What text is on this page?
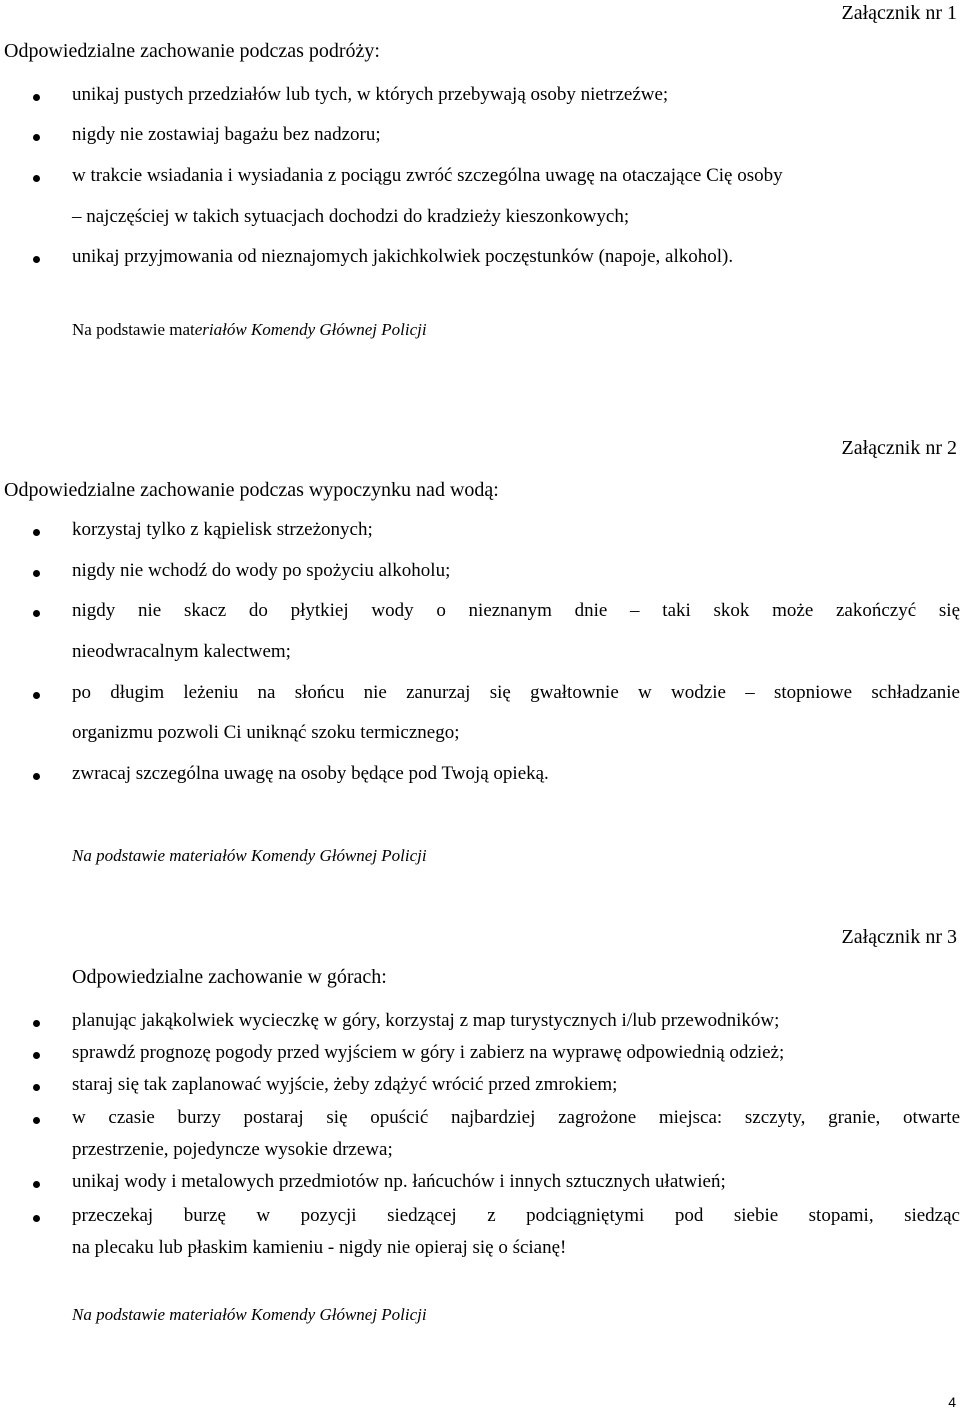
Załącznik nr 1
Odpowiedzialne zachowanie podczas podróży:
unikaj pustych przedziałów lub tych, w których przebywają osoby nietrzeźwe;
nigdy nie zostawiaj bagażu bez nadzoru;
w trakcie wsiadania i wysiadania z pociągu zwróć szczególna uwagę na otaczające Cię osoby
– najczęściej w takich sytuacjach dochodzi do kradzieży kieszonkowych;
unikaj przyjmowania od nieznajomych jakichkolwiek poczęstunków (napoje, alkohol).
Na podstawie materiałów Komendy Głównej Policji
Załącznik nr 2
Odpowiedzialne zachowanie podczas wypoczynku nad wodą:
korzystaj tylko z kąpielisk strzeżonych;
nigdy nie wchodź do wody po spożyciu alkoholu;
nigdy nie skacz do płytkiej wody o nieznanym dnie – taki skok może zakończyć się
nieodwracalnym kalectwem;
po długim leżeniu na słońcu nie zanurzaj się gwałtownie w wodzie – stopniowe schładzanie
organizmu pozwoli Ci uniknąć szoku termicznego;
zwracaj szczególna uwagę na osoby będące pod Twoją opieką.
Na podstawie materiałów Komendy Głównej Policji
Załącznik nr 3
Odpowiedzialne zachowanie w górach:
planując jakąkolwiek wycieczkę w góry, korzystaj z map turystycznych i/lub przewodników;
sprawdź prognozę pogody przed wyjściem w góry i zabierz na wyprawę odpowiednią odzież;
staraj się tak zaplanować wyjście, żeby zdążyć wrócić przed zmrokiem;
w czasie burzy postaraj się opuścić najbardziej zagrożone miejsca: szczyty, granie, otwarte
przestrzenie, pojedyncze wysokie drzewa;
unikaj wody i metalowych przedmiotów np. łańcuchów i innych sztucznych ułatwień;
przeczekaj burzę w pozycji siedzącej z podciągniętymi pod siebie stopami, siedząc
na plecaku lub płaskim kamieniu - nigdy nie opieraj się o ścianę!
Na podstawie materiałów Komendy Głównej Policji
4
